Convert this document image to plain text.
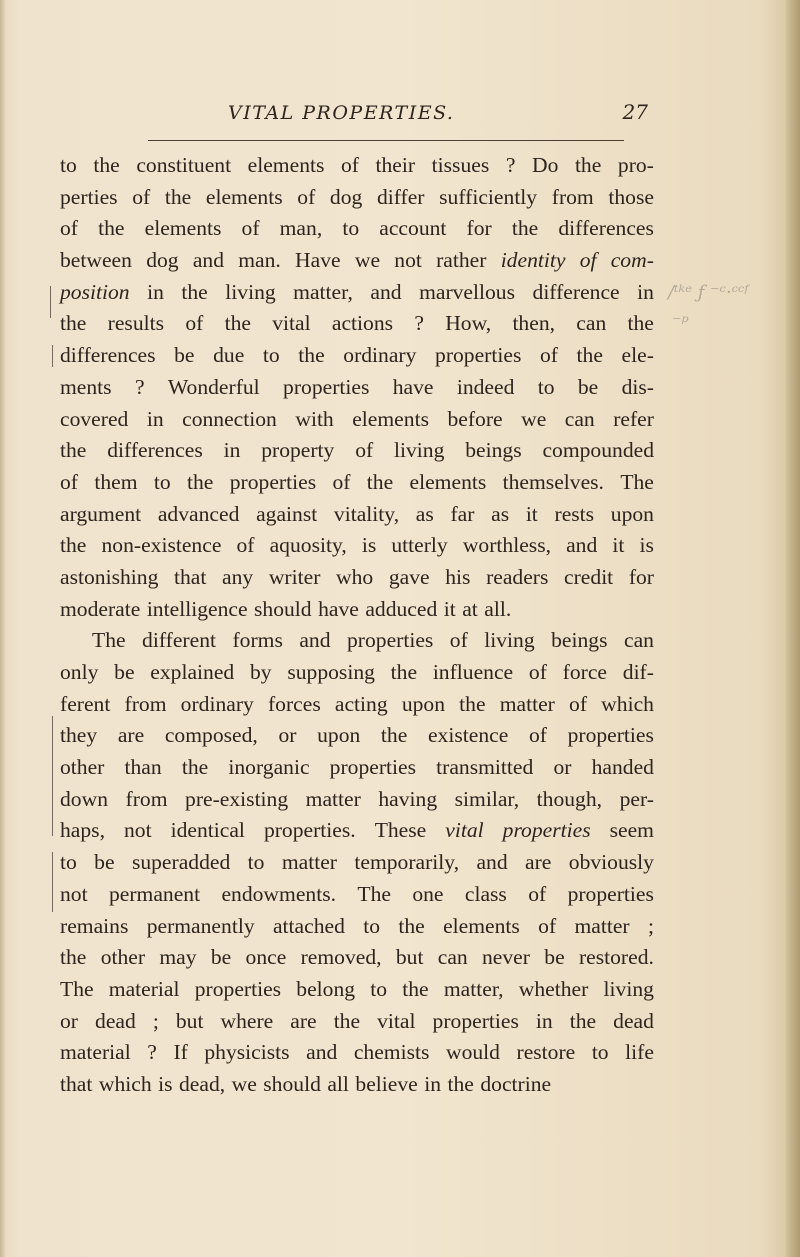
VITAL PROPERTIES.	27
to the constituent elements of their tissues ? Do the pro-
perties of the elements of dog differ sufficiently from those
of the elements of man, to account for the differences
between dog and man. Have we not rather identity of com-
position in the living matter, and marvellous difference in
the results of the vital actions ? How, then, can the
differences be due to the ordinary properties of the ele-
ments ? Wonderful properties have indeed to be dis-
covered in connection with elements before we can refer
the differences in property of living beings compounded
of them to the properties of the elements themselves. The
argument advanced against vitality, as far as it rests upon
the non-existence of aquosity, is utterly worthless, and it is
astonishing that any writer who gave his readers credit for
moderate intelligence should have adduced it at all.
The different forms and properties of living beings can
only be explained by supposing the influence of force dif-
ferent from ordinary forces acting upon the matter of which
they are composed, or upon the existence of properties
other than the inorganic properties transmitted or handed
down from pre-existing matter having similar, though, per-
haps, not identical properties. These vital properties seem
to be superadded to matter temporarily, and are obviously
not permanent endowments. The one class of properties
remains permanently attached to the elements of matter ;
the other may be once removed, but can never be restored.
The material properties belong to the matter, whether living
or dead ; but where are the vital properties in the dead
material ? If physicists and chemists would restore to life
that which is dead, we should all believe in the doctrine
/ᵗᵏᵉ ƒ ⁻ᶜ·ᶜᶜᶠ
⁻ᵖ
